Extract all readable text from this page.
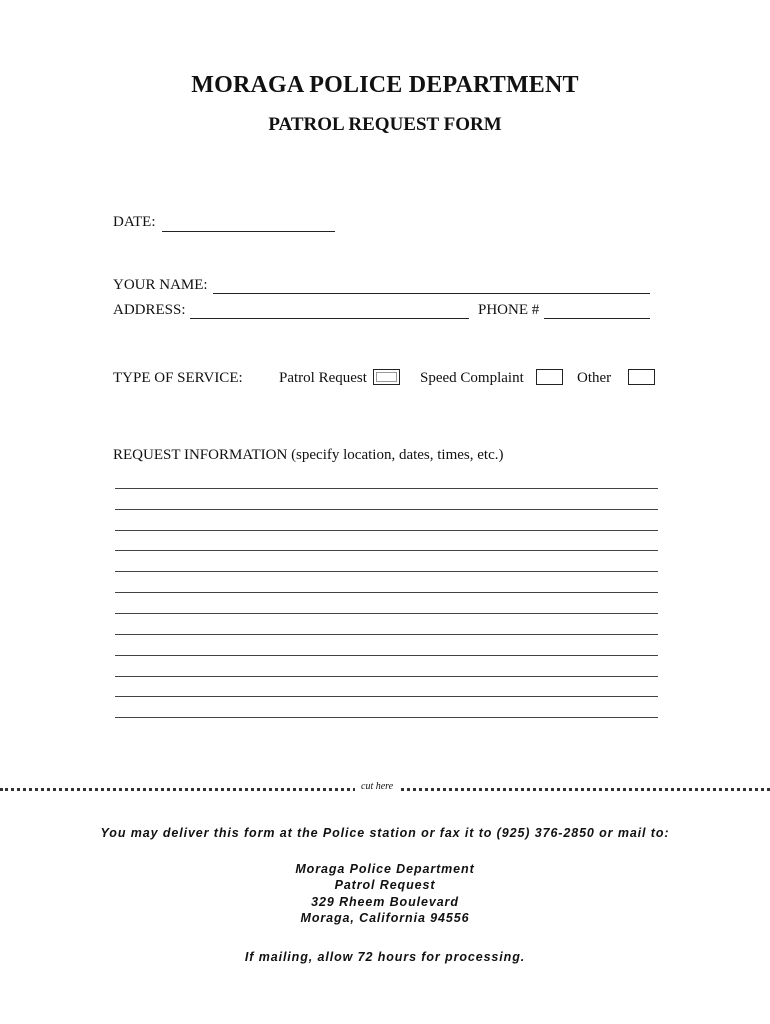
MORAGA POLICE DEPARTMENT
PATROL REQUEST FORM
DATE:
YOUR NAME:
ADDRESS:	PHONE #
TYPE OF SERVICE: Patrol Request	Speed Complaint	Other
REQUEST INFORMATION (specify location, dates, times, etc.)
cut here
You may deliver this form at the Police station or fax it to (925) 376-2850 or mail to:
Moraga Police Department
Patrol Request
329 Rheem Boulevard
Moraga, California 94556
If mailing, allow 72 hours for processing.
